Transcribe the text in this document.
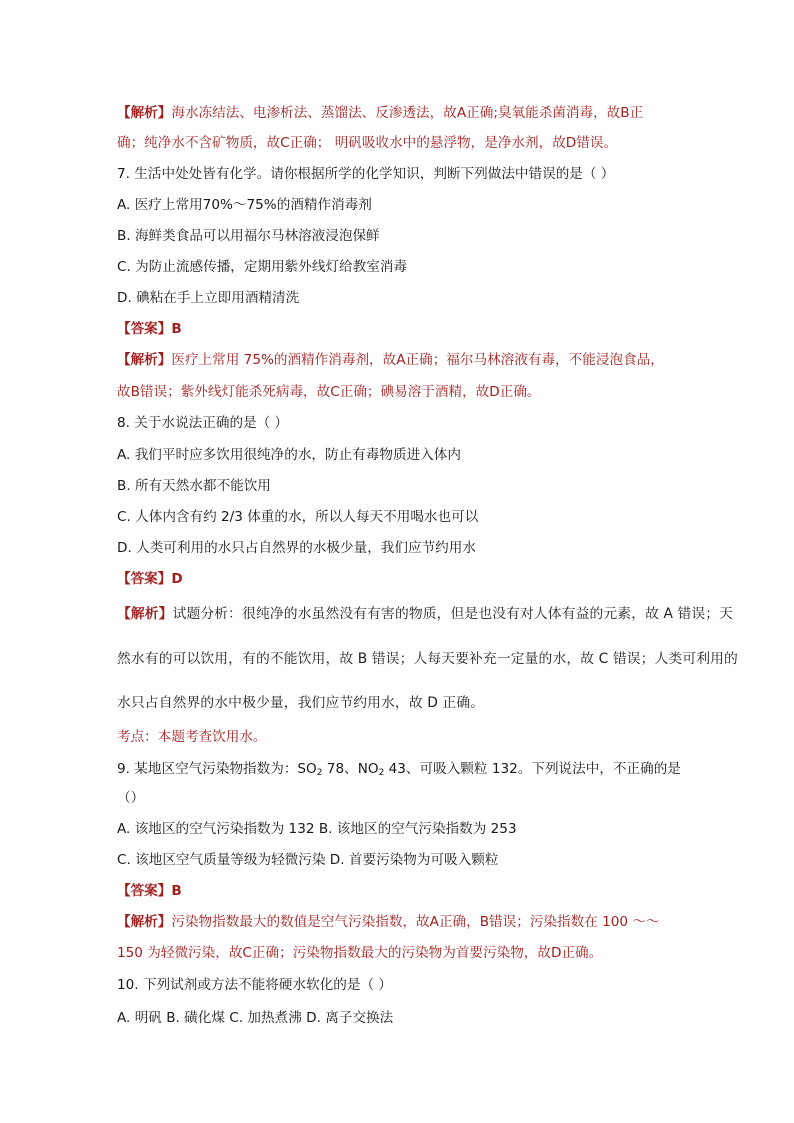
【解析】海水冻结法、电渗析法、蒸馏法、反渗透法，故A正确;臭氧能杀菌消毒，故B正
确；纯净水不含矿物质，故C正确； 明矾吸收水中的悬浮物，是净水剂，故D错误。
7. 生活中处处皆有化学。请你根据所学的化学知识，判断下列做法中错误的是（ ）
A. 医疗上常用70%～75%的酒精作消毒剂
B. 海鲜类食品可以用福尔马林溶液浸泡保鲜
C. 为防止流感传播，定期用紫外线灯给教室消毒
D. 碘粘在手上立即用酒精清洗
【答案】B
【解析】医疗上常用 75%的酒精作消毒剂，故A正确；福尔马林溶液有毒，不能浸泡食品，
故B错误；紫外线灯能杀死病毒，故C正确；碘易溶于酒精，故D正确。
8. 关于水说法正确的是（ ）
A. 我们平时应多饮用很纯净的水，防止有毒物质进入体内
B. 所有天然水都不能饮用
C. 人体内含有约 2/3 体重的水，所以人每天不用喝水也可以
D. 人类可利用的水只占自然界的水极少量，我们应节约用水
【答案】D
【解析】试题分析：很纯净的水虽然没有有害的物质，但是也没有对人体有益的元素，故 A 错误；天
然水有的可以饮用，有的不能饮用，故 B 错误；人每天要补充一定量的水，故 C 错误；人类可利用的
水只占自然界的水中极少量，我们应节约用水，故 D 正确。
考点：本题考查饮用水。
9. 某地区空气污染物指数为：$SO_2$ 78、$NO_2$ 43、可吸入颗粒 132。下列说法中，不正确的是
（）
A. 该地区的空气污染指数为 132 B. 该地区的空气污染指数为 253
C. 该地区空气质量等级为轻微污染 D. 首要污染物为可吸入颗粒
【答案】B
【解析】污染物指数最大的数值是空气污染指数，故A正确，B错误；污染指数在 100 ～～
150 为轻微污染，故C正确；污染物指数最大的污染物为首要污染物，故D正确。
10. 下列试剂或方法不能将硬水软化的是（ ）
A. 明矾 B. 磺化煤 C. 加热煮沸 D. 离子交换法
